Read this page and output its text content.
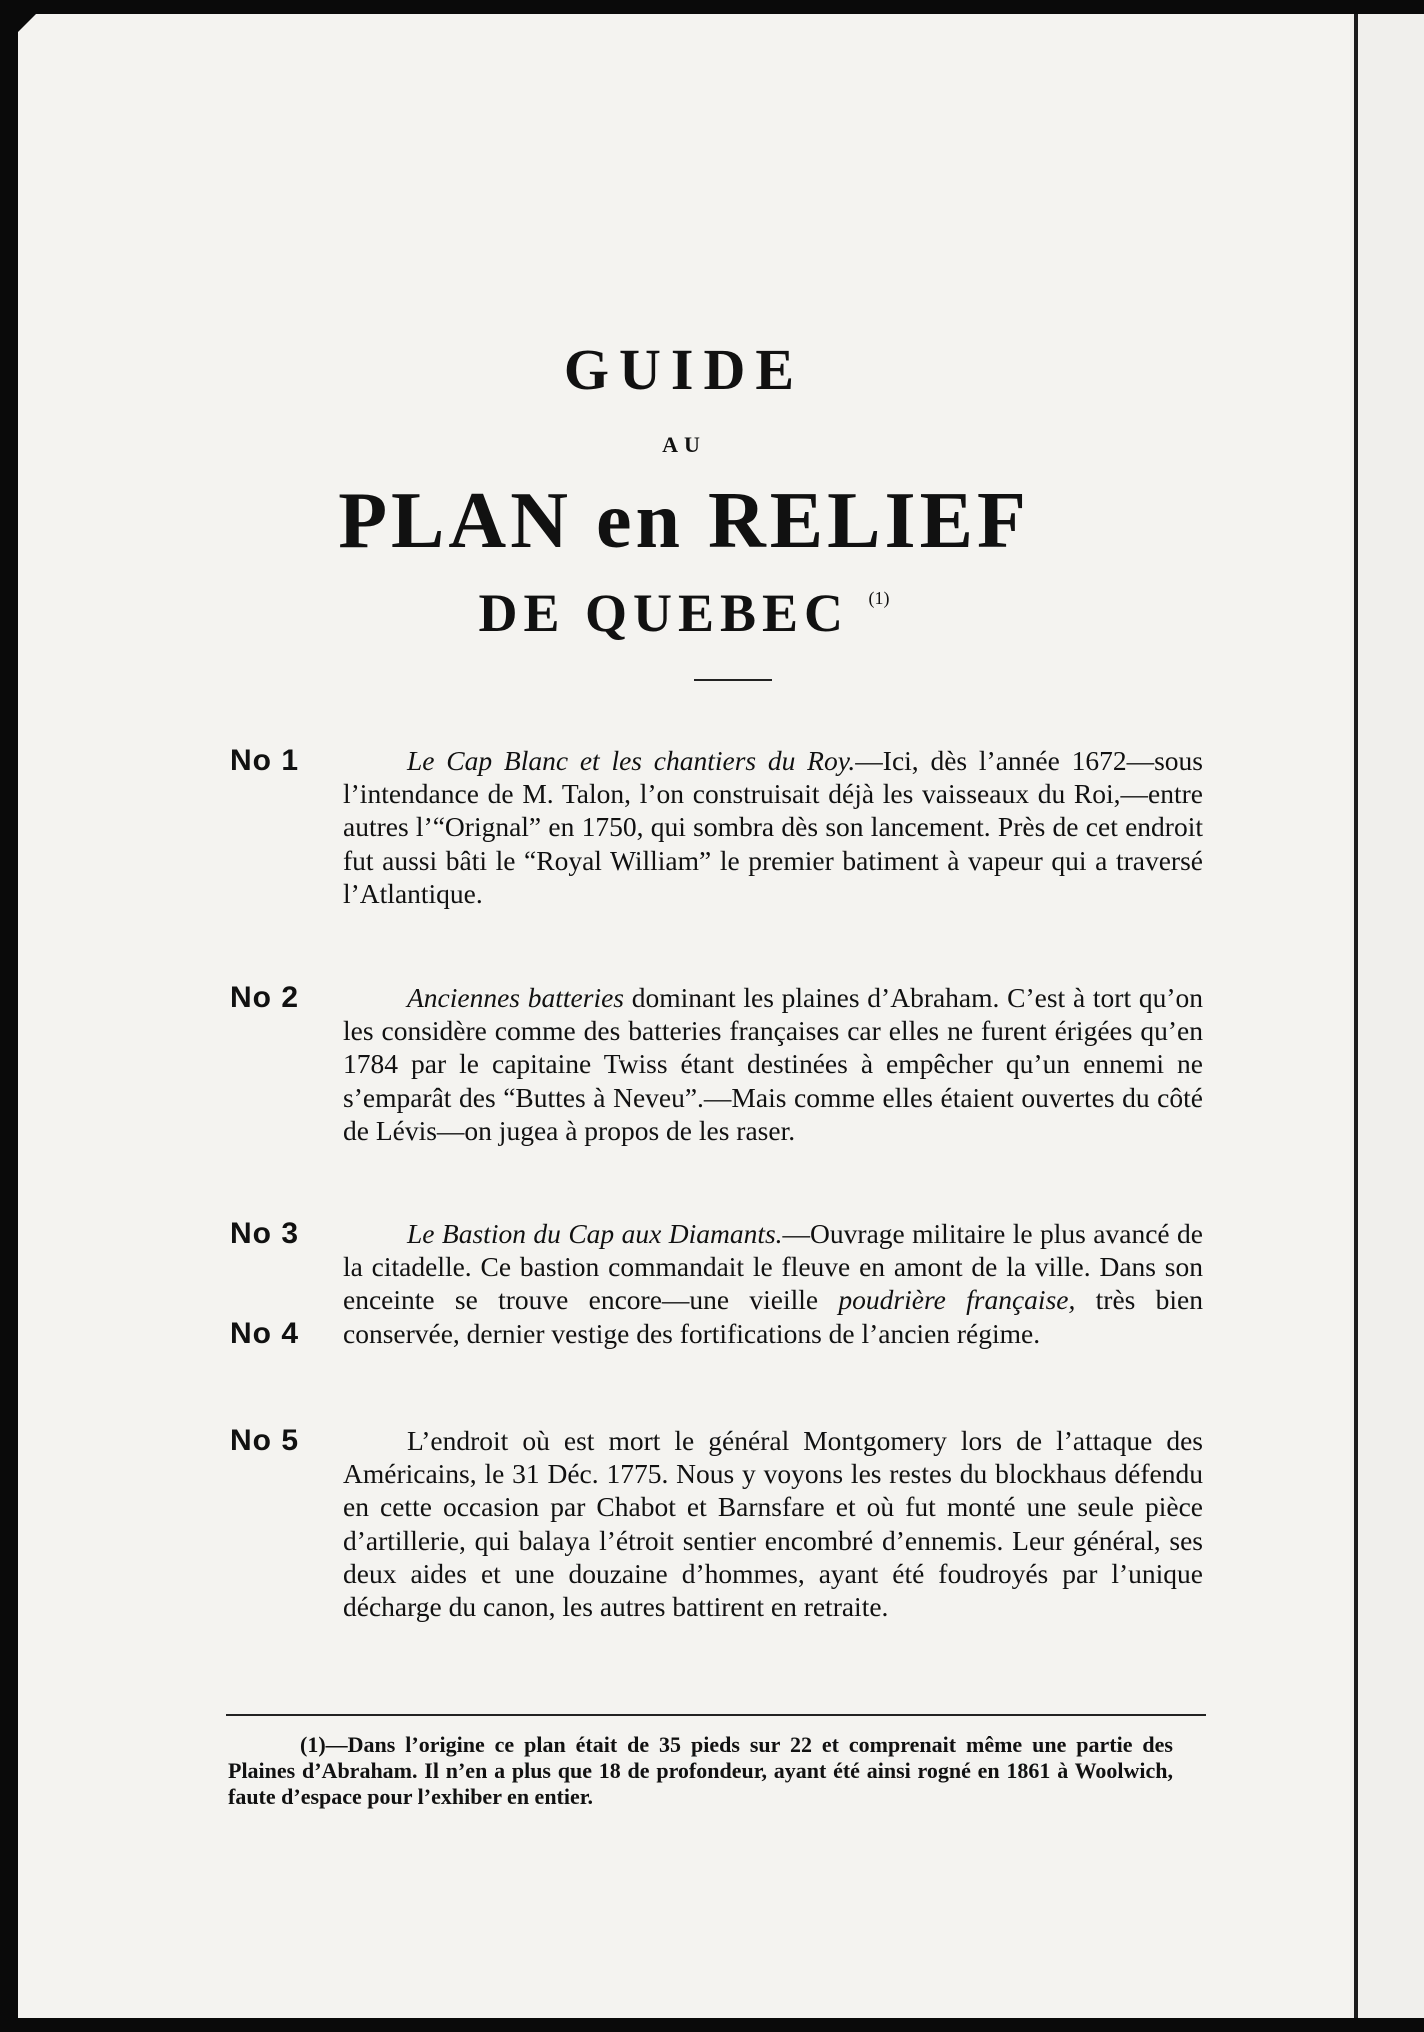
GUIDE
AU
PLAN en RELIEF
DE QUEBEC $^{(1)}$
No 1	Le Cap Blanc et les chantiers du Roy.—Ici, dès l’année 1672—sous l’intendance de M. Talon, l’on construisait déjà les vaisseaux du Roi,—entre autres l’“Orignal” en 1750, qui sombra dès son lancement. Près de cet endroit fut aussi bâti le “Royal William” le premier batiment à vapeur qui a traversé l’Atlantique.
No 2	Anciennes batteries dominant les plaines d’Abraham. C’est à tort qu’on les considère comme des batteries françaises car elles ne furent érigées qu’en 1784 par le capitaine Twiss étant destinées à empêcher qu’un ennemi ne s’emparât des “Buttes à Neveu”.—Mais comme elles étaient ouvertes du côté de Lévis—on jugea à propos de les raser.
No 3
No 4
Le Bastion du Cap aux Diamants.—Ouvrage militaire le plus avancé de la citadelle. Ce bastion commandait le fleuve en amont de la ville. Dans son enceinte se trouve encore—une vieille poudrière française, très bien conservée, dernier vestige des fortifications de l’ancien régime.
No 5	L’endroit où est mort le général Montgomery lors de l’attaque des Américains, le 31 Déc. 1775. Nous y voyons les restes du blockhaus défendu en cette occasion par Chabot et Barnsfare et où fut monté une seule pièce d’artillerie, qui balaya l’étroit sentier encombré d’ennemis. Leur général, ses deux aides et une douzaine d’hommes, ayant été foudroyés par l’unique décharge du canon, les autres battirent en retraite.
(1)—Dans l’origine ce plan était de 35 pieds sur 22 et comprenait même une partie des Plaines d’Abraham. Il n’en a plus que 18 de profondeur, ayant été ainsi rogné en 1861 à Woolwich, faute d’espace pour l’exhiber en entier.
